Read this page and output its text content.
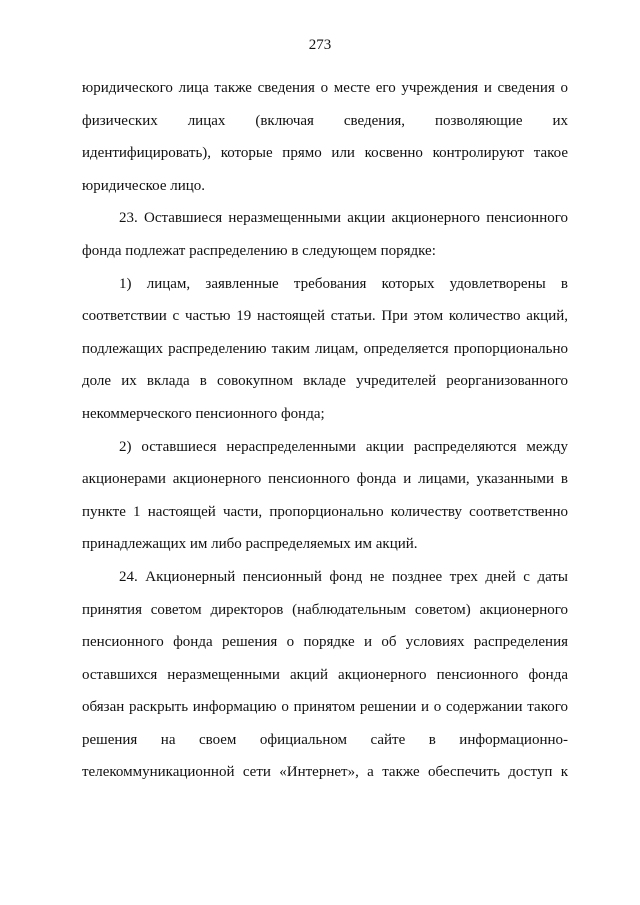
273
юридического лица также сведения о месте его учреждения и сведения о
физических лицах (включая сведения, позволяющие их
идентифицировать), которые прямо или косвенно контролируют такое
юридическое лицо.
23. Оставшиеся неразмещенными акции акционерного пенсионного
фонда подлежат распределению в следующем порядке:
1) лицам, заявленные требования которых удовлетворены в
соответствии с частью 19 настоящей статьи. При этом количество акций,
подлежащих распределению таким лицам, определяется пропорционально
доле их вклада в совокупном вкладе учредителей реорганизованного
некоммерческого пенсионного фонда;
2) оставшиеся нераспределенными акции распределяются между
акционерами акционерного пенсионного фонда и лицами, указанными в
пункте 1 настоящей части, пропорционально количеству соответственно
принадлежащих им либо распределяемых им акций.
24. Акционерный пенсионный фонд не позднее трех дней с даты
принятия советом директоров (наблюдательным советом) акционерного
пенсионного фонда решения о порядке и об условиях распределения
оставшихся неразмещенными акций акционерного пенсионного фонда
обязан раскрыть информацию о принятом решении и о содержании такого
решения на своем официальном сайте в информационно-
телекоммуникационной сети «Интернет», а также обеспечить доступ к
